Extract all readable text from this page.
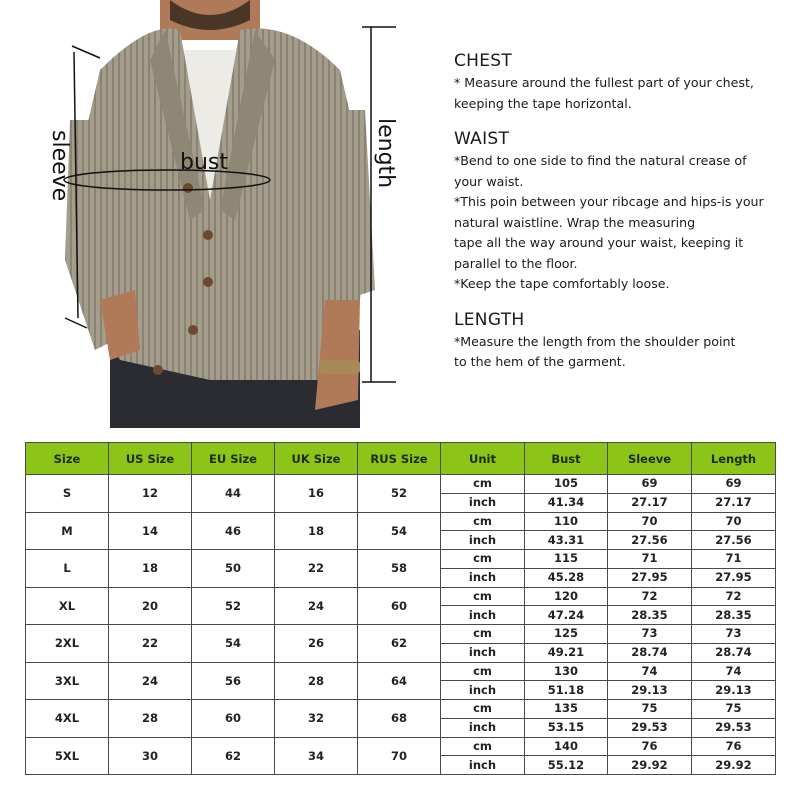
bust	length
sleeve
CHEST
* Measure around the fullest part of your chest,
keeping the tape horizontal.
WAIST
*Bend to one side to find the natural crease of
your waist.
*This poin between your ribcage and hips-is your
natural waistline. Wrap the measuring
tape all the way around your waist, keeping it
parallel to the floor.
*Keep the tape comfortably loose.
LENGTH
*Measure the length from the shoulder point
to the hem of the garment.
Size	US Size	EU Size	UK Size	RUS Size	Unit	Bust	Sleeve	Length
S	12	44	16	52	cm	105	69	69
					inch	41.34	27.17	27.17
M	14	46	18	54	cm	110	70	70
					inch	43.31	27.56	27.56
L	18	50	22	58	cm	115	71	71
					inch	45.28	27.95	27.95
XL	20	52	24	60	cm	120	72	72
					inch	47.24	28.35	28.35
2XL	22	54	26	62	cm	125	73	73
					inch	49.21	28.74	28.74
3XL	24	56	28	64	cm	130	74	74
					inch	51.18	29.13	29.13
4XL	28	60	32	68	cm	135	75	75
					inch	53.15	29.53	29.53
5XL	30	62	34	70	cm	140	76	76
					inch	55.12	29.92	29.92
